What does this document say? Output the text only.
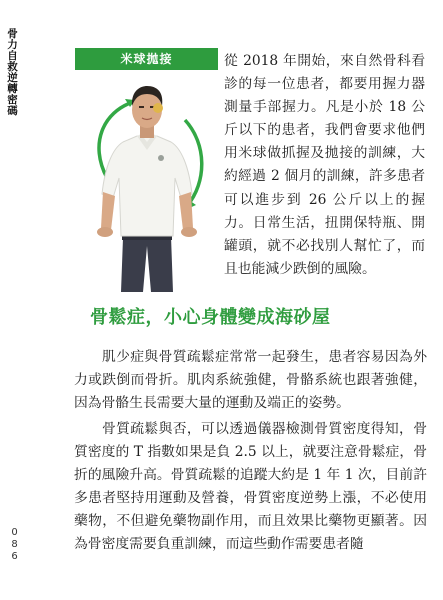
骨力自救逆轉密碼	米球拋接	從 2018 年開始，來自然骨科看診的每一位患者，都要用握力器測量手部握力。凡是小於 18 公斤以下的患者，我們會要求他們用米球做抓握及拋接的訓練，大約經過 2 個月的訓練，許多患者可以進步到 26 公斤以上的握力。日常生活，扭開保特瓶、開罐頭，就不必找別人幫忙了，而且也能減少跌倒的風險。

骨鬆症，小心身體變成海砂屋

肌少症與骨質疏鬆症常常一起發生，患者容易因為外力或跌倒而骨折。肌肉系統強健，骨骼系統也跟著強健，因為骨骼生長需要大量的運動及端正的姿勢。

骨質疏鬆與否，可以透過儀器檢測骨質密度得知，骨質密度的 T 指數如果是負 2.5 以上，就要注意骨鬆症，骨折的風險升高。骨質疏鬆的追蹤大約是 1 年 1 次，目前許多患者堅持用運動及營養，骨質密度逆勢上漲，不必使用藥物，不但避免藥物副作用，而且效果比藥物更顯著。因為骨密度需要負重訓練，而這些動作需要患者隨

086
